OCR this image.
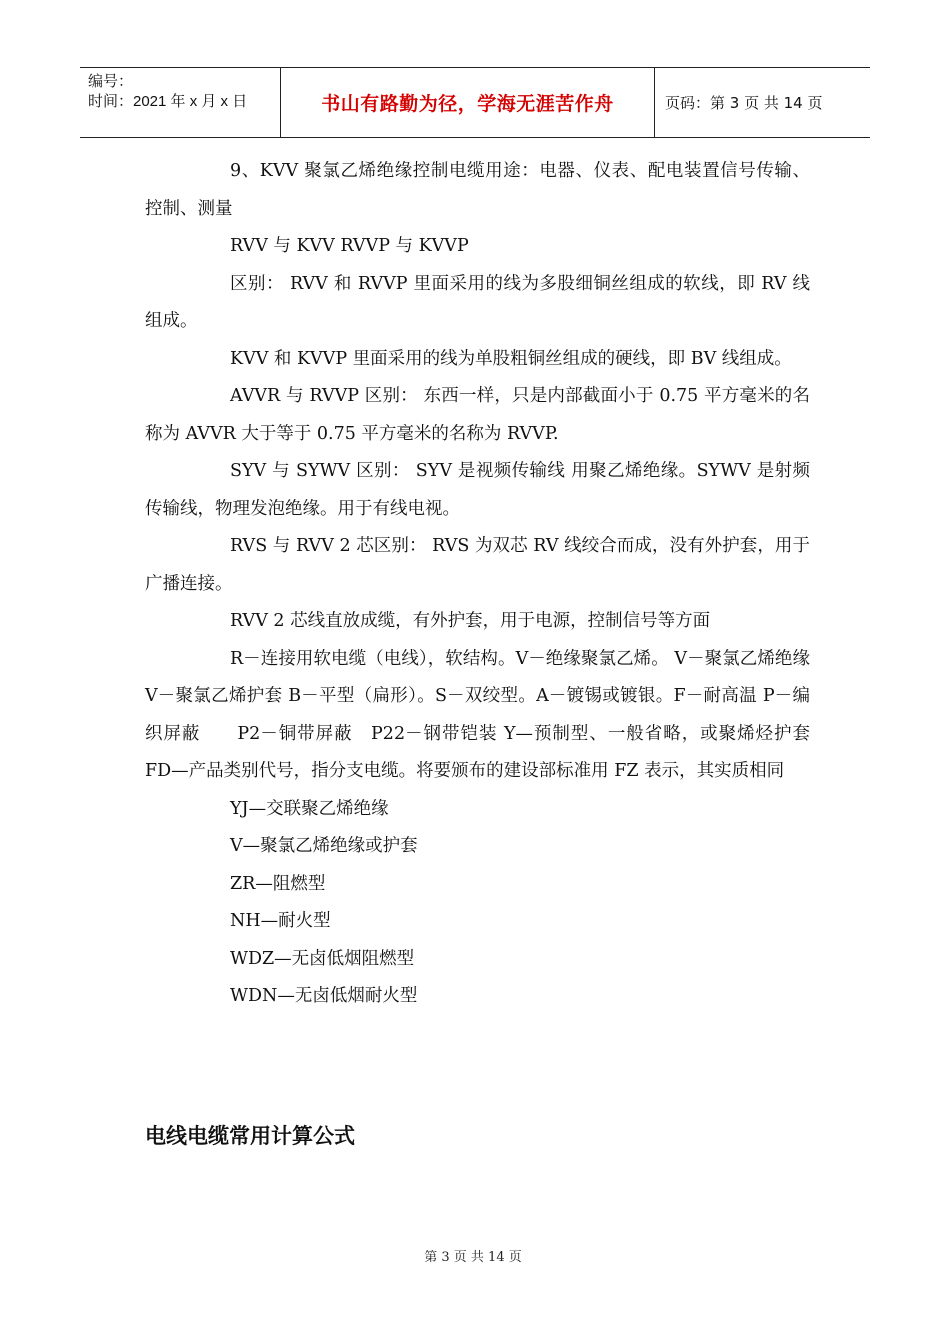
编号：
时间：2021 年 x 月 x 日	书山有路勤为径，学海无涯苦作舟	页码：第 3 页 共 14 页

9、KVV 聚氯乙烯绝缘控制电缆用途：电器、仪表、配电装置信号传输、控制、测量

RVV 与 KVV RVVP 与 KVVP

区别： RVV 和 RVVP 里面采用的线为多股细铜丝组成的软线，即 RV 线组成。

KVV 和 KVVP 里面采用的线为单股粗铜丝组成的硬线，即 BV 线组成。

AVVR 与 RVVP 区别： 东西一样，只是内部截面小于 0.75 平方毫米的名称为 AVVR 大于等于 0.75 平方毫米的名称为 RVVP.

SYV 与 SYWV 区别： SYV 是视频传输线 用聚乙烯绝缘。SYWV 是射频传输线，物理发泡绝缘。用于有线电视。

RVS 与 RVV 2 芯区别： RVS 为双芯 RV 线绞合而成，没有外护套，用于广播连接。

RVV 2 芯线直放成缆，有外护套，用于电源，控制信号等方面

R－连接用软电缆（电线），软结构。V－绝缘聚氯乙烯。 V－聚氯乙烯绝缘　　V－聚氯乙烯护套 B－平型（扁形）。S－双绞型。A－镀锡或镀银。F－耐高温 P－编织屏蔽　　P2－铜带屏蔽　P22－钢带铠装 Y—预制型、一般省略，或聚烯烃护套 FD—产品类别代号，指分支电缆。将要颁布的建设部标准用 FZ 表示，其实质相同

YJ—交联聚乙烯绝缘

V—聚氯乙烯绝缘或护套

ZR—阻燃型

NH—耐火型

WDZ—无卤低烟阻燃型

WDN—无卤低烟耐火型

电线电缆常用计算公式
第 3 页 共 14 页
